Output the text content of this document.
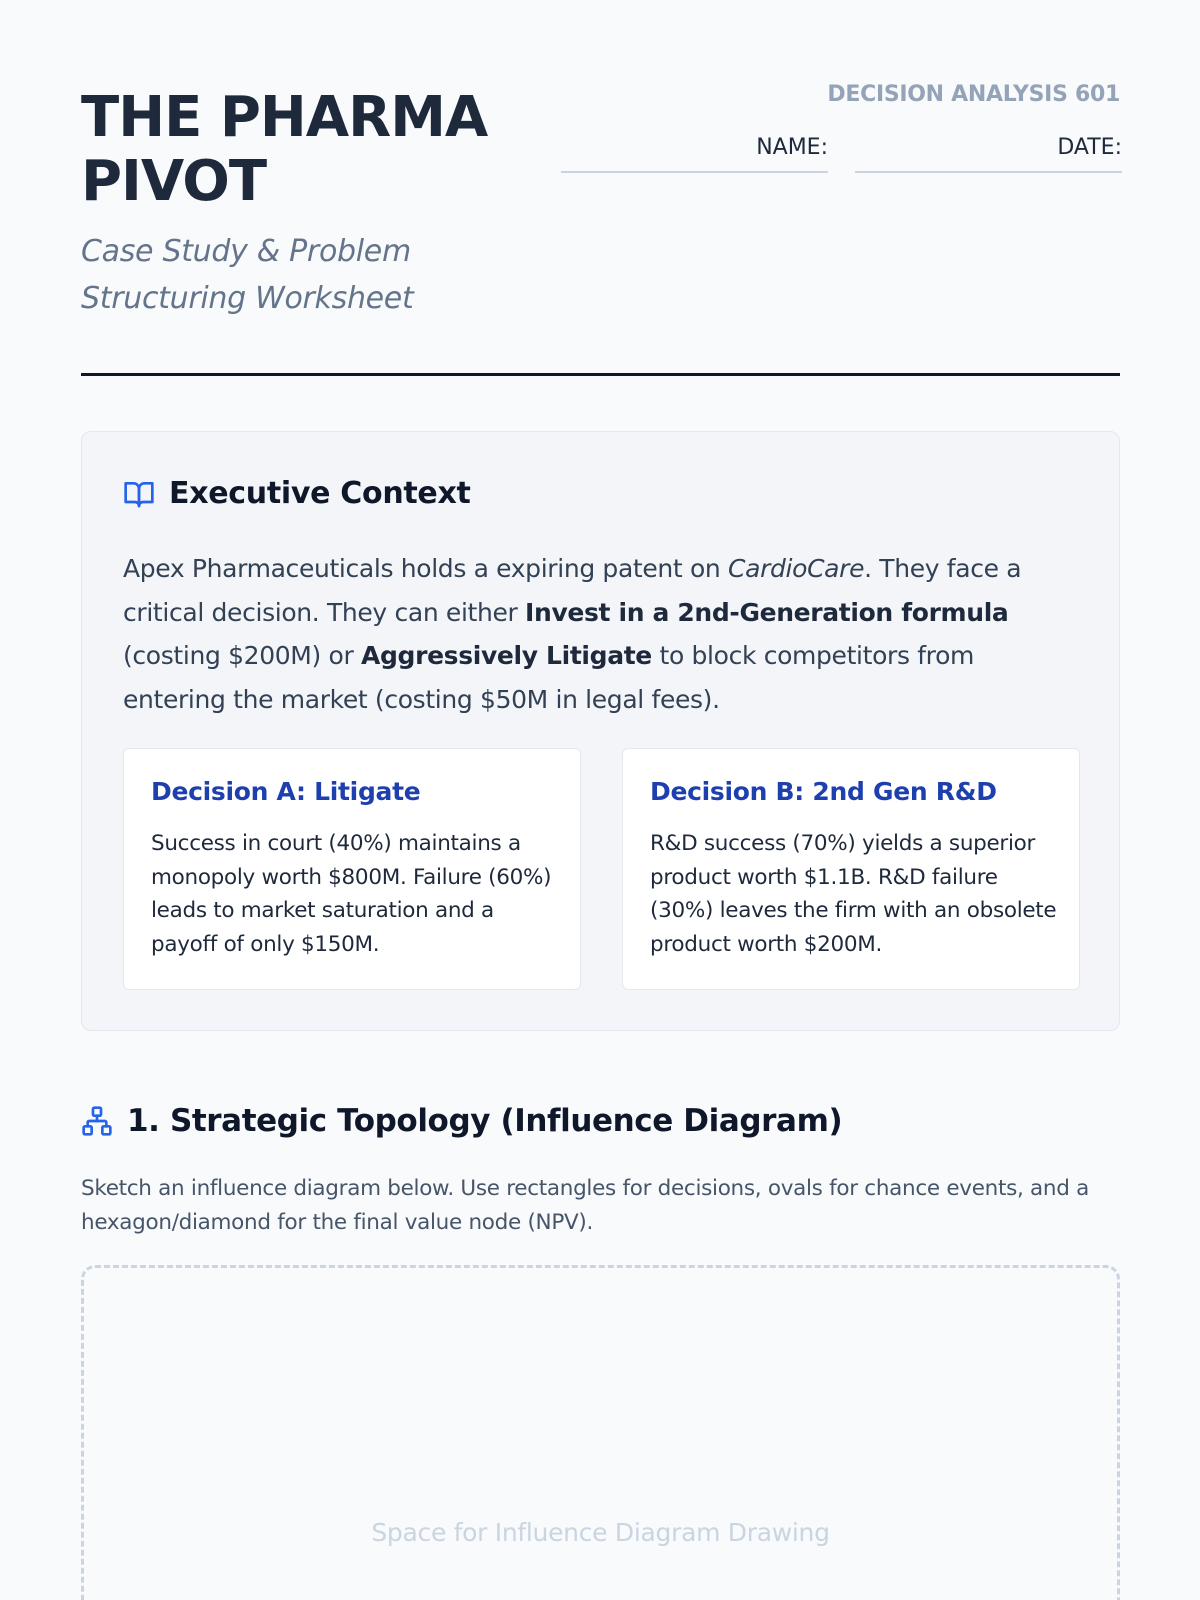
THE PHARMA PIVOT

Case Study & Problem Structuring Worksheet

DECISION ANALYSIS 601
NAME:	DATE:
Executive Context

Apex Pharmaceuticals holds a expiring patent on CardioCare. They face a critical decision. They can either Invest in a 2nd-Generation formula (costing $200M) or Aggressively Litigate to block competitors from entering the market (costing $50M in legal fees).

Decision A: Litigate

Success in court (40%) maintains a monopoly worth $800M. Failure (60%) leads to market saturation and a payoff of only $150M.

Decision B: 2nd Gen R&D

R&D success (70%) yields a superior product worth $1.1B. R&D failure (30%) leaves the firm with an obsolete product worth $200M.

1. Strategic Topology (Influence Diagram)

Sketch an influence diagram below. Use rectangles for decisions, ovals for chance events, and a hexagon/diamond for the final value node (NPV).

Space for Influence Diagram Drawing
